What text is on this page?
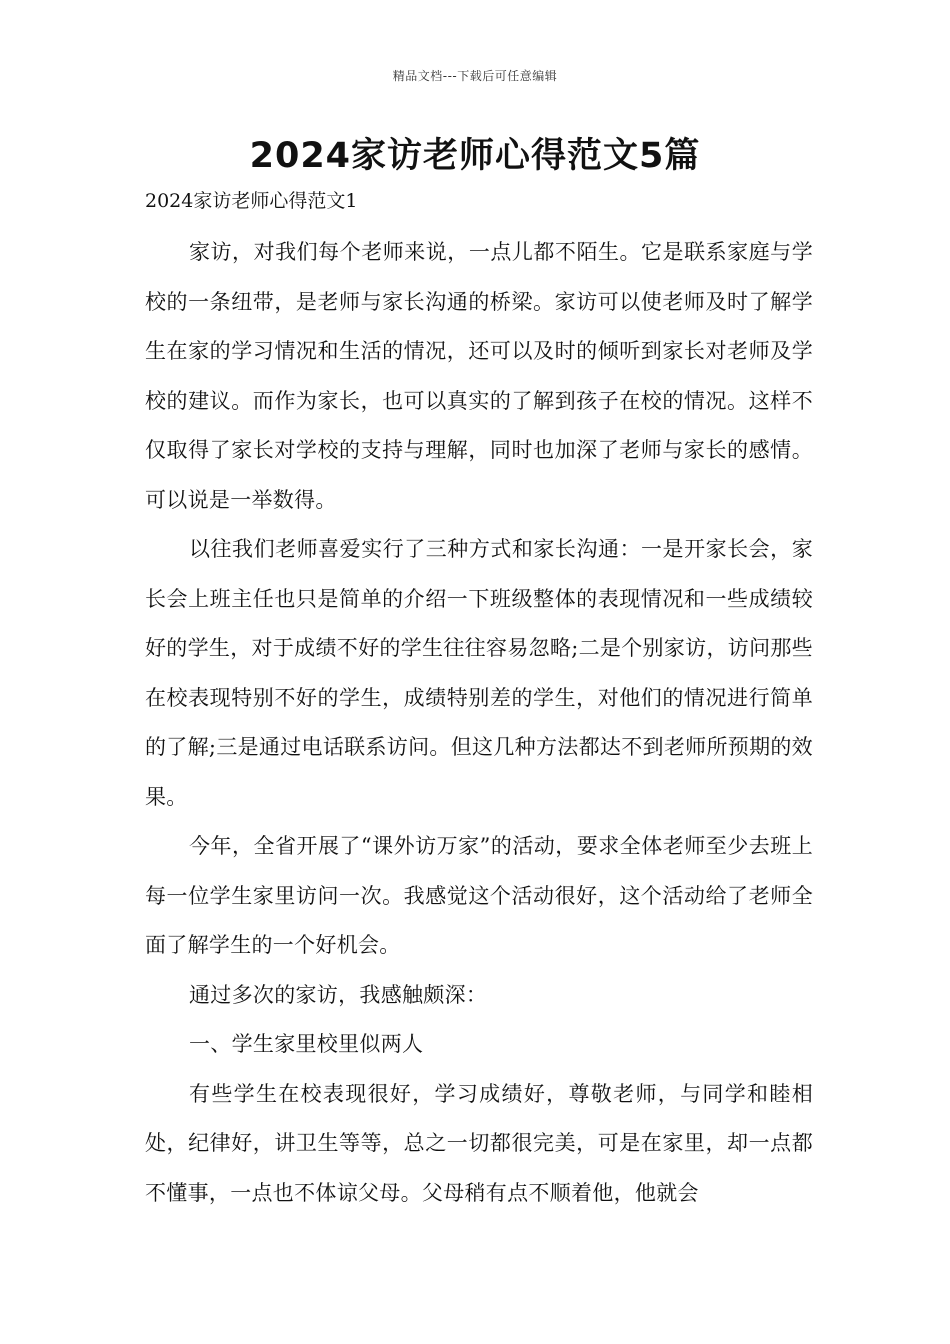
精品文档---下载后可任意编辑
2024家访老师心得范文5篇

2024家访老师心得范文1

家访，对我们每个老师来说，一点儿都不陌生。它是联系家庭与学校的一条纽带，是老师与家长沟通的桥梁。家访可以使老师及时了解学生在家的学习情况和生活的情况，还可以及时的倾听到家长对老师及学校的建议。而作为家长，也可以真实的了解到孩子在校的情况。这样不仅取得了家长对学校的支持与理解，同时也加深了老师与家长的感情。可以说是一举数得。

以往我们老师喜爱实行了三种方式和家长沟通：一是开家长会，家长会上班主任也只是简单的介绍一下班级整体的表现情况和一些成绩较好的学生，对于成绩不好的学生往往容易忽略;二是个别家访，访问那些在校表现特别不好的学生，成绩特别差的学生，对他们的情况进行简单的了解;三是通过电话联系访问。但这几种方法都达不到老师所预期的效果。

今年，全省开展了“课外访万家”的活动，要求全体老师至少去班上每一位学生家里访问一次。我感觉这个活动很好，这个活动给了老师全面了解学生的一个好机会。

通过多次的家访，我感触颇深：

一、学生家里校里似两人

有些学生在校表现很好，学习成绩好，尊敬老师，与同学和睦相处，纪律好，讲卫生等等，总之一切都很完美，可是在家里，却一点都不懂事，一点也不体谅父母。父母稍有点不顺着他，他就会
